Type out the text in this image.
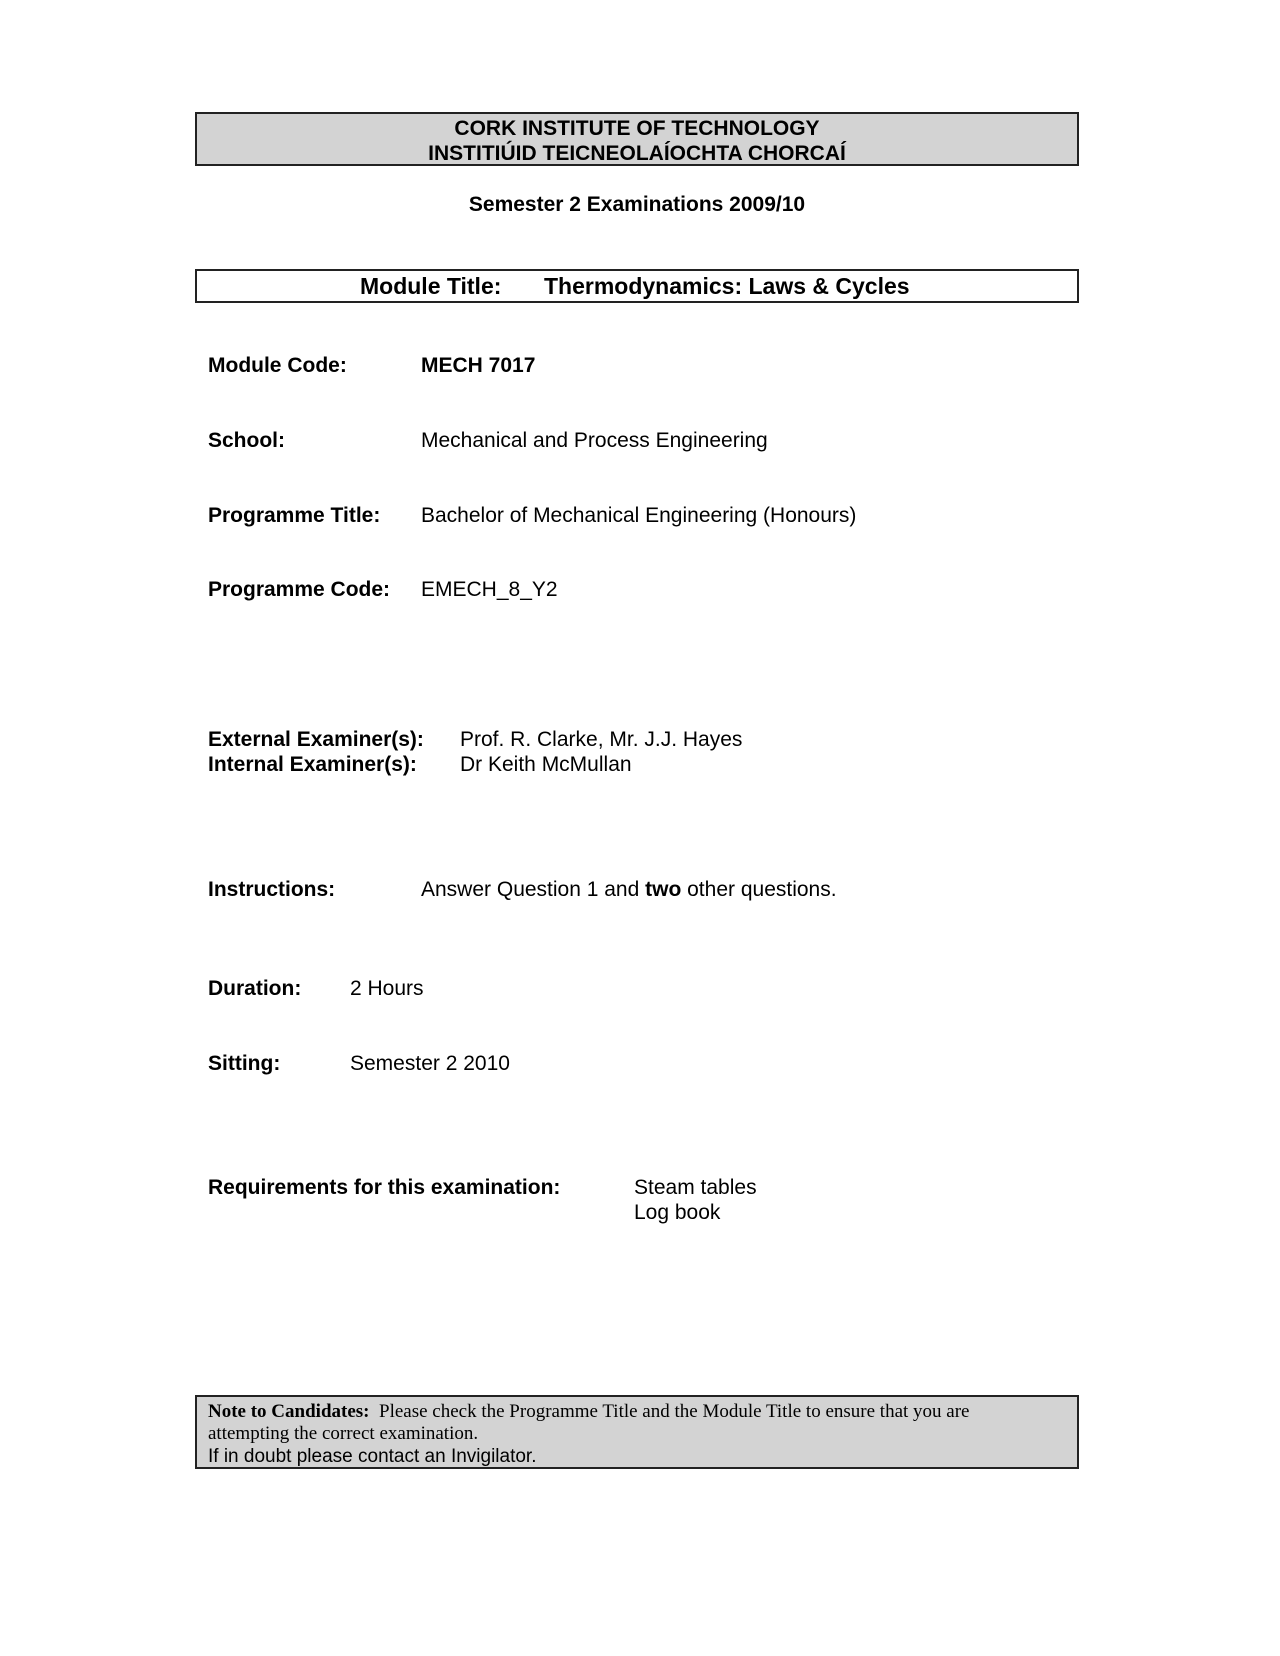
CORK INSTITUTE OF TECHNOLOGY
INSTITIÚID TEICNEOLAÍOCHTA CHORCAÍ
Semester 2 Examinations 2009/10
Module Title: Thermodynamics: Laws & Cycles
Module Code:	MECH 7017
School:	Mechanical and Process Engineering
Programme Title: Bachelor of Mechanical Engineering (Honours)
Programme Code: EMECH_8_Y2
External Examiner(s): Prof. R. Clarke, Mr. J.J. Hayes
Internal Examiner(s): Dr Keith McMullan
Instructions:	Answer Question 1 and two other questions.
Duration: 2 Hours
Sitting:	Semester 2 2010
Requirements for this examination:	Steam tables
Log book
Note to Candidates: Please check the Programme Title and the Module Title to ensure that you are
attempting the correct examination.
If in doubt please contact an Invigilator.
